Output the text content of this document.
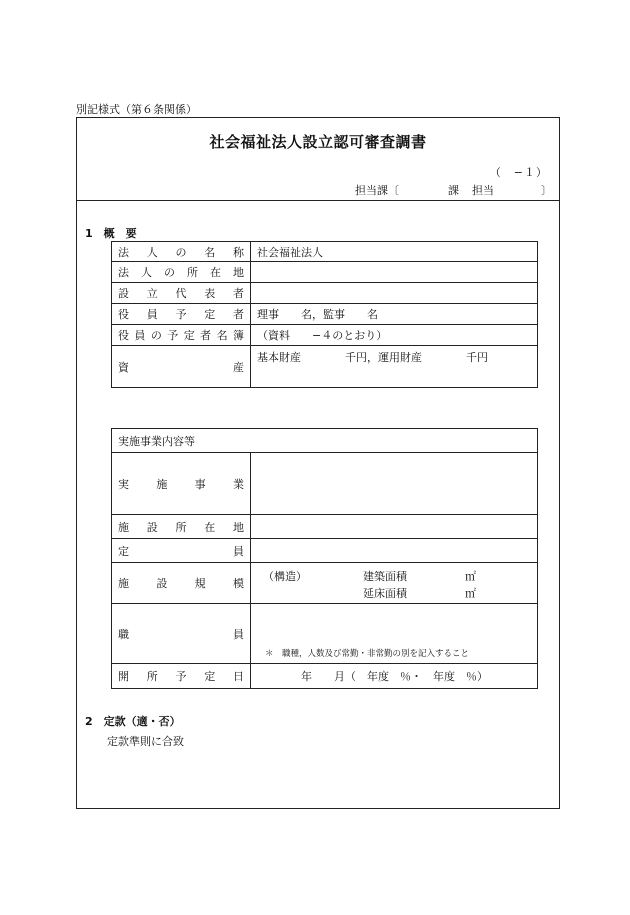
別記様式（第６条関係）
社会福祉法人設立認可審査調書
（　−１）
担当課〔	課 担当	〕
1　概　要
法人の名称	社会福祉法人
法人の所在地	
設立代表者	
役員予定者	理事　　名，監事　　名
役員の予定者名簿	（資料　　−４のとおり）
資産	基本財産　　　　千円，運用財産　　　　千円
実施事業内容等	
実施事業	
施設所在地	
定員	
施設規模	（構造） 建築面積 ㎡
延床面積 ㎡

職員	＊　職種，人数及び常勤・非常勤の別を記入すること

開所予定日	年　　月（　年度　％・　年度　％）
2　定款（適・否）
定款準則に合致
